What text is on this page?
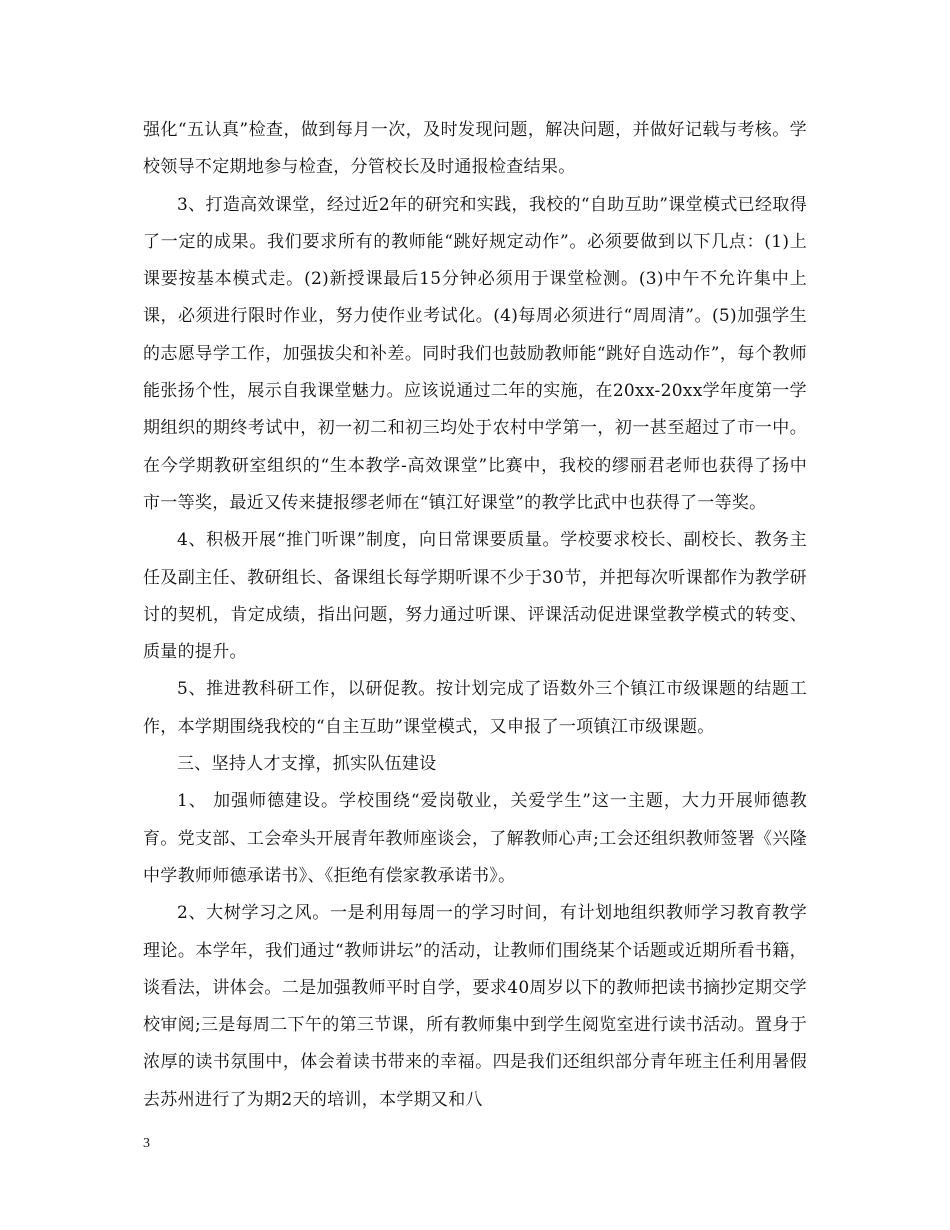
强化“五认真”检查，做到每月一次，及时发现问题，解决问题，并做好记载与考核。学校领导不定期地参与检查，分管校长及时通报检查结果。

3、打造高效课堂，经过近2年的研究和实践，我校的“自助互助”课堂模式已经取得了一定的成果。我们要求所有的教师能“跳好规定动作”。必须要做到以下几点：(1)上课要按基本模式走。(2)新授课最后15分钟必须用于课堂检测。(3)中午不允许集中上课，必须进行限时作业，努力使作业考试化。(4)每周必须进行“周周清”。(5)加强学生的志愿导学工作，加强拔尖和补差。同时我们也鼓励教师能“跳好自选动作”，每个教师能张扬个性，展示自我课堂魅力。应该说通过二年的实施，在20xx-20xx学年度第一学期组织的期终考试中，初一初二和初三均处于农村中学第一，初一甚至超过了市一中。在今学期教研室组织的“生本教学-高效课堂”比赛中，我校的缪丽君老师也获得了扬中市一等奖，最近又传来捷报缪老师在“镇江好课堂”的教学比武中也获得了一等奖。

4、积极开展“推门听课”制度，向日常课要质量。学校要求校长、副校长、教务主任及副主任、教研组长、备课组长每学期听课不少于30节，并把每次听课都作为教学研讨的契机，肯定成绩，指出问题，努力通过听课、评课活动促进课堂教学模式的转变、质量的提升。

5、推进教科研工作，以研促教。按计划完成了语数外三个镇江市级课题的结题工作，本学期围绕我校的“自主互助”课堂模式，又申报了一项镇江市级课题。

三、坚持人才支撑，抓实队伍建设

1、 加强师德建设。学校围绕“爱岗敬业，关爱学生”这一主题，大力开展师德教育。党支部、工会牵头开展青年教师座谈会，了解教师心声;工会还组织教师签署《兴隆中学教师师德承诺书》、《拒绝有偿家教承诺书》。

2、大树学习之风。一是利用每周一的学习时间，有计划地组织教师学习教育教学理论。本学年，我们通过“教师讲坛”的活动，让教师们围绕某个话题或近期所看书籍，谈看法，讲体会。二是加强教师平时自学，要求40周岁以下的教师把读书摘抄定期交学校审阅;三是每周二下午的第三节课，所有教师集中到学生阅览室进行读书活动。置身于浓厚的读书氛围中，体会着读书带来的幸福。四是我们还组织部分青年班主任利用暑假去苏州进行了为期2天的培训，本学期又和八

3
